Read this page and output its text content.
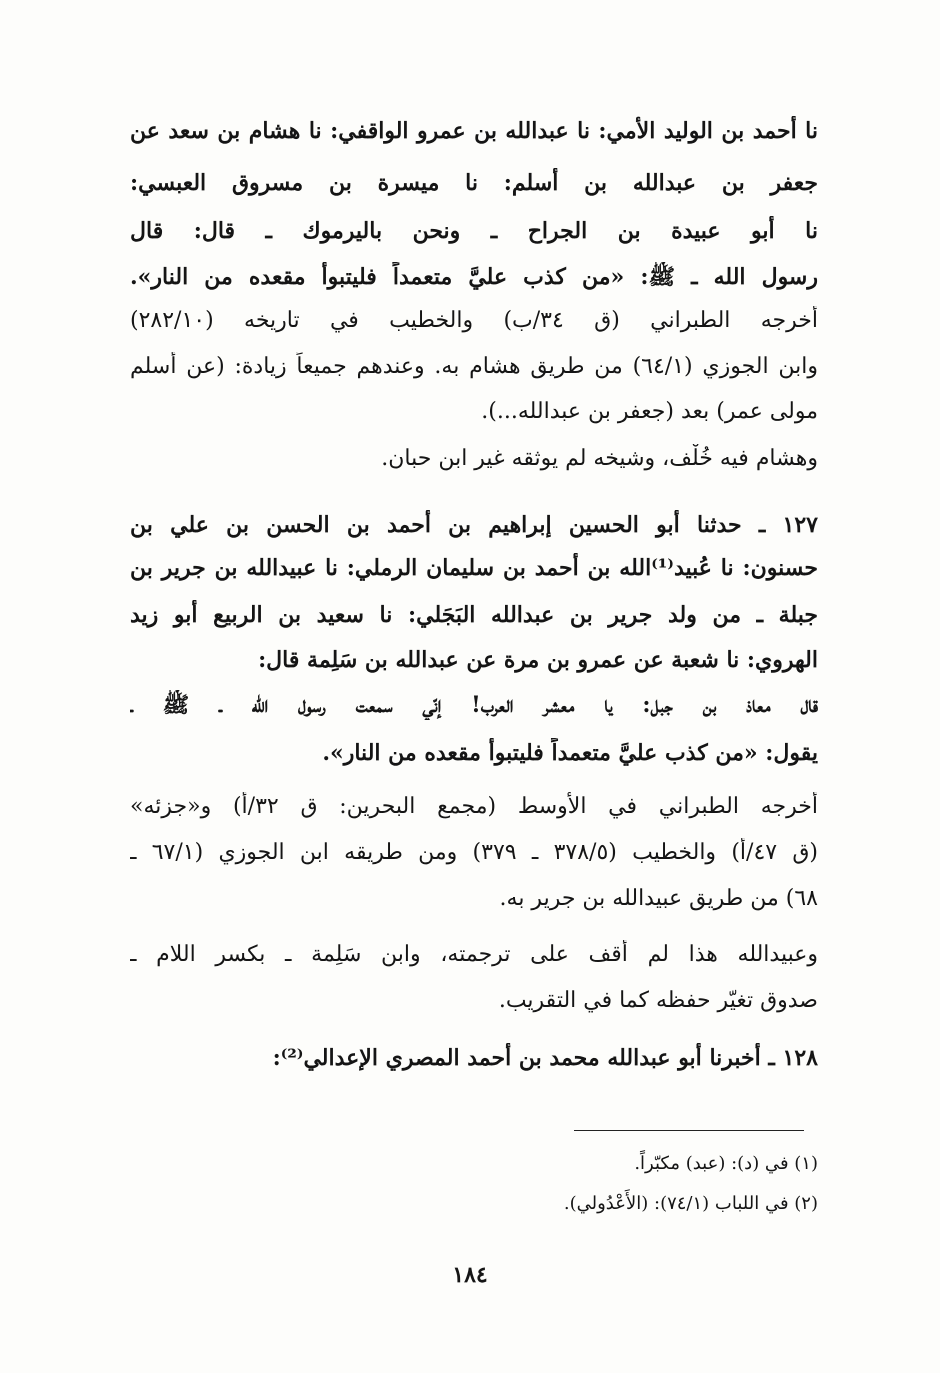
نا أحمد بن الوليد الأمي: نا عبدالله بن عمرو الواقفي: نا هشام بن سعد عن
جعفر بن عبدالله بن أسلم: نا ميسرة بن مسروق العبسي:
نا أبو عبيدة بن الجراح ـ ونحن باليرموك ـ قال: قال
رسول الله ـ ﷺ: «من كذب عليَّ متعمداً فليتبوأ مقعده من النار».
أخرجه الطبراني (ق ٣٤/ب) والخطيب في تاريخه (٢٨٢/١٠)
وابن الجوزي (٦٤/١) من طريق هشام به. وعندهم جميعاً زيادة: (عن أسلم
مولى عمر) بعد (جعفر بن عبدالله...).
وهشام فيه خُلْف، وشيخه لم يوثقه غير ابن حبان.
١٢٧ ـ حدثنا أبو الحسين إبراهيم بن أحمد بن الحسن بن علي بن
حسنون: نا عُبيد⁽¹⁾الله بن أحمد بن سليمان الرملي: نا عبيدالله بن جرير بن
جبلة ـ من ولد جرير بن عبدالله البَجَلي: نا سعيد بن الربيع أبو زيد
الهروي: نا شعبة عن عمرو بن مرة عن عبدالله بن سَلِمة قال:
قال معاذ بن جبل: يا معشر العرب! إنّي سمعت رسول الله ـ ﷺ ـ
يقول: «من كذب عليَّ متعمداً فليتبوأ مقعده من النار».
أخرجه الطبراني في الأوسط (مجمع البحرين: ق ٣٢/أ) و«جزئه»
(ق ٤٧/أ) والخطيب (٣٧٨/٥ ـ ٣٧٩) ومن طريقه ابن الجوزي (٦٧/١ ـ
٦٨) من طريق عبيدالله بن جرير به.
وعبيدالله هذا لم أقف على ترجمته، وابن سَلِمة ـ بكسر اللام ـ
صدوق تغيّر حفظه كما في التقريب.
١٢٨ ـ أخبرنا أبو عبدالله محمد بن أحمد المصري الإعدالي⁽²⁾:
(١) في (د): (عبد) مكبّراً.
(٢) في اللباب (٧٤/١): (الأَعْدُولي).
١٨٤
